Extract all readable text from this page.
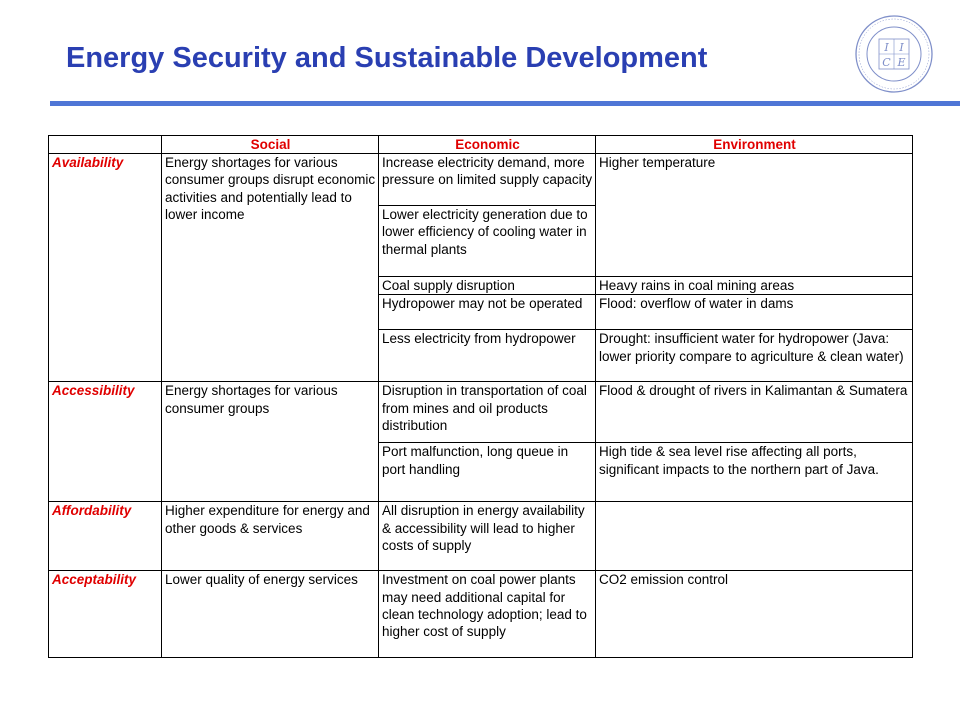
Energy Security and Sustainable Development	I I
C E
	Social	Economic	Environment
Availability	Energy shortages for various consumer groups disrupt economic activities and potentially lead to lower income	Increase electricity demand, more pressure on limited supply capacity	Higher temperature
		Lower electricity generation due to lower efficiency of cooling water in thermal plants	
		Coal supply disruption	Heavy rains in coal mining areas
		Hydropower may not be operated	Flood: overflow of water in dams
		Less electricity from hydropower	Drought: insufficient water for hydropower (Java: lower priority compare to agriculture & clean water)
Accessibility	Energy shortages for various consumer groups	Disruption in transportation of coal from mines and oil products distribution	Flood & drought of rivers in Kalimantan & Sumatera
		Port malfunction, long queue in port handling	High tide & sea level rise affecting all ports, significant impacts to the northern part of Java.
Affordability	Higher expenditure for energy and other goods & services	All disruption in energy availability & accessibility will lead to higher costs of supply	
Acceptability	Lower quality of energy services	Investment on coal power plants may need additional capital for clean technology adoption; lead to higher cost of supply	CO2 emission control
